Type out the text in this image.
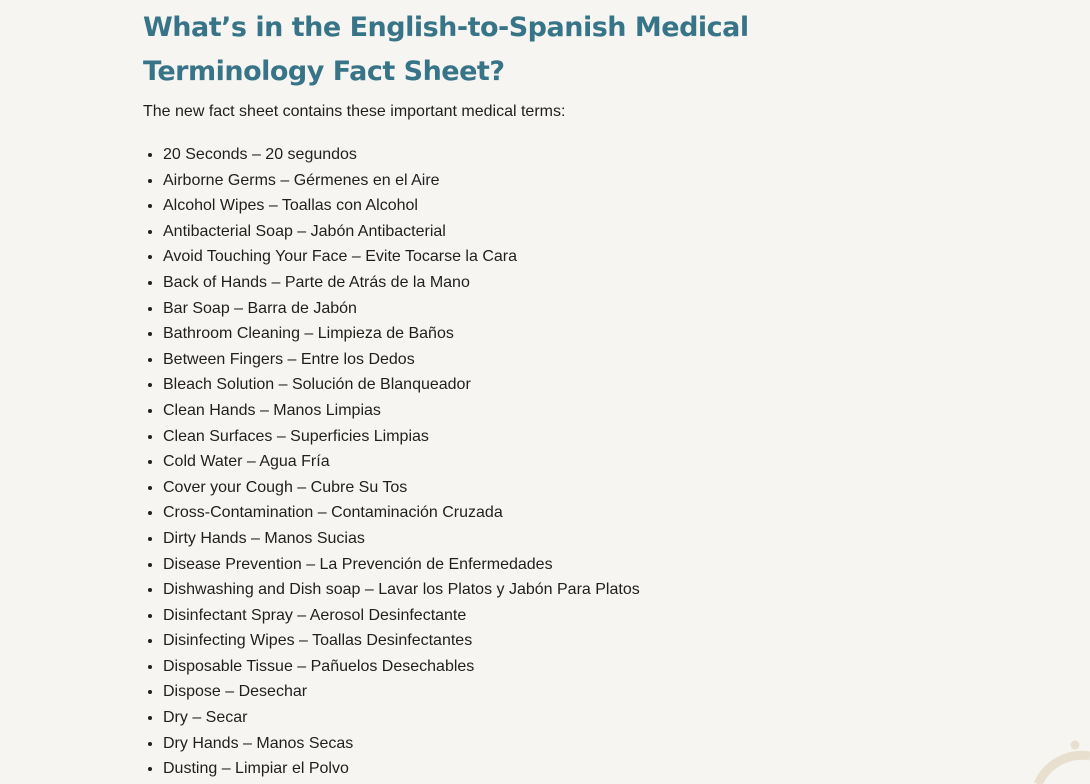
What’s in the English-to-Spanish Medical Terminology Fact Sheet?

The new fact sheet contains these important medical terms:

• 20 Seconds – 20 segundos
• Airborne Germs – Gérmenes en el Aire
• Alcohol Wipes – Toallas con Alcohol
• Antibacterial Soap – Jabón Antibacterial
• Avoid Touching Your Face – Evite Tocarse la Cara
• Back of Hands – Parte de Atrás de la Mano
• Bar Soap – Barra de Jabón
• Bathroom Cleaning – Limpieza de Baños
• Between Fingers – Entre los Dedos
• Bleach Solution – Solución de Blanqueador
• Clean Hands – Manos Limpias
• Clean Surfaces – Superficies Limpias
• Cold Water – Agua Fría
• Cover your Cough – Cubre Su Tos
• Cross-Contamination – Contaminación Cruzada
• Dirty Hands – Manos Sucias
• Disease Prevention – La Prevención de Enfermedades
• Dishwashing and Dish soap – Lavar los Platos y Jabón Para Platos
• Disinfectant Spray – Aerosol Desinfectante
• Disinfecting Wipes – Toallas Desinfectantes
• Disposable Tissue – Pañuelos Desechables
• Dispose – Desechar
• Dry – Secar
• Dry Hands – Manos Secas
• Dusting – Limpiar el Polvo
